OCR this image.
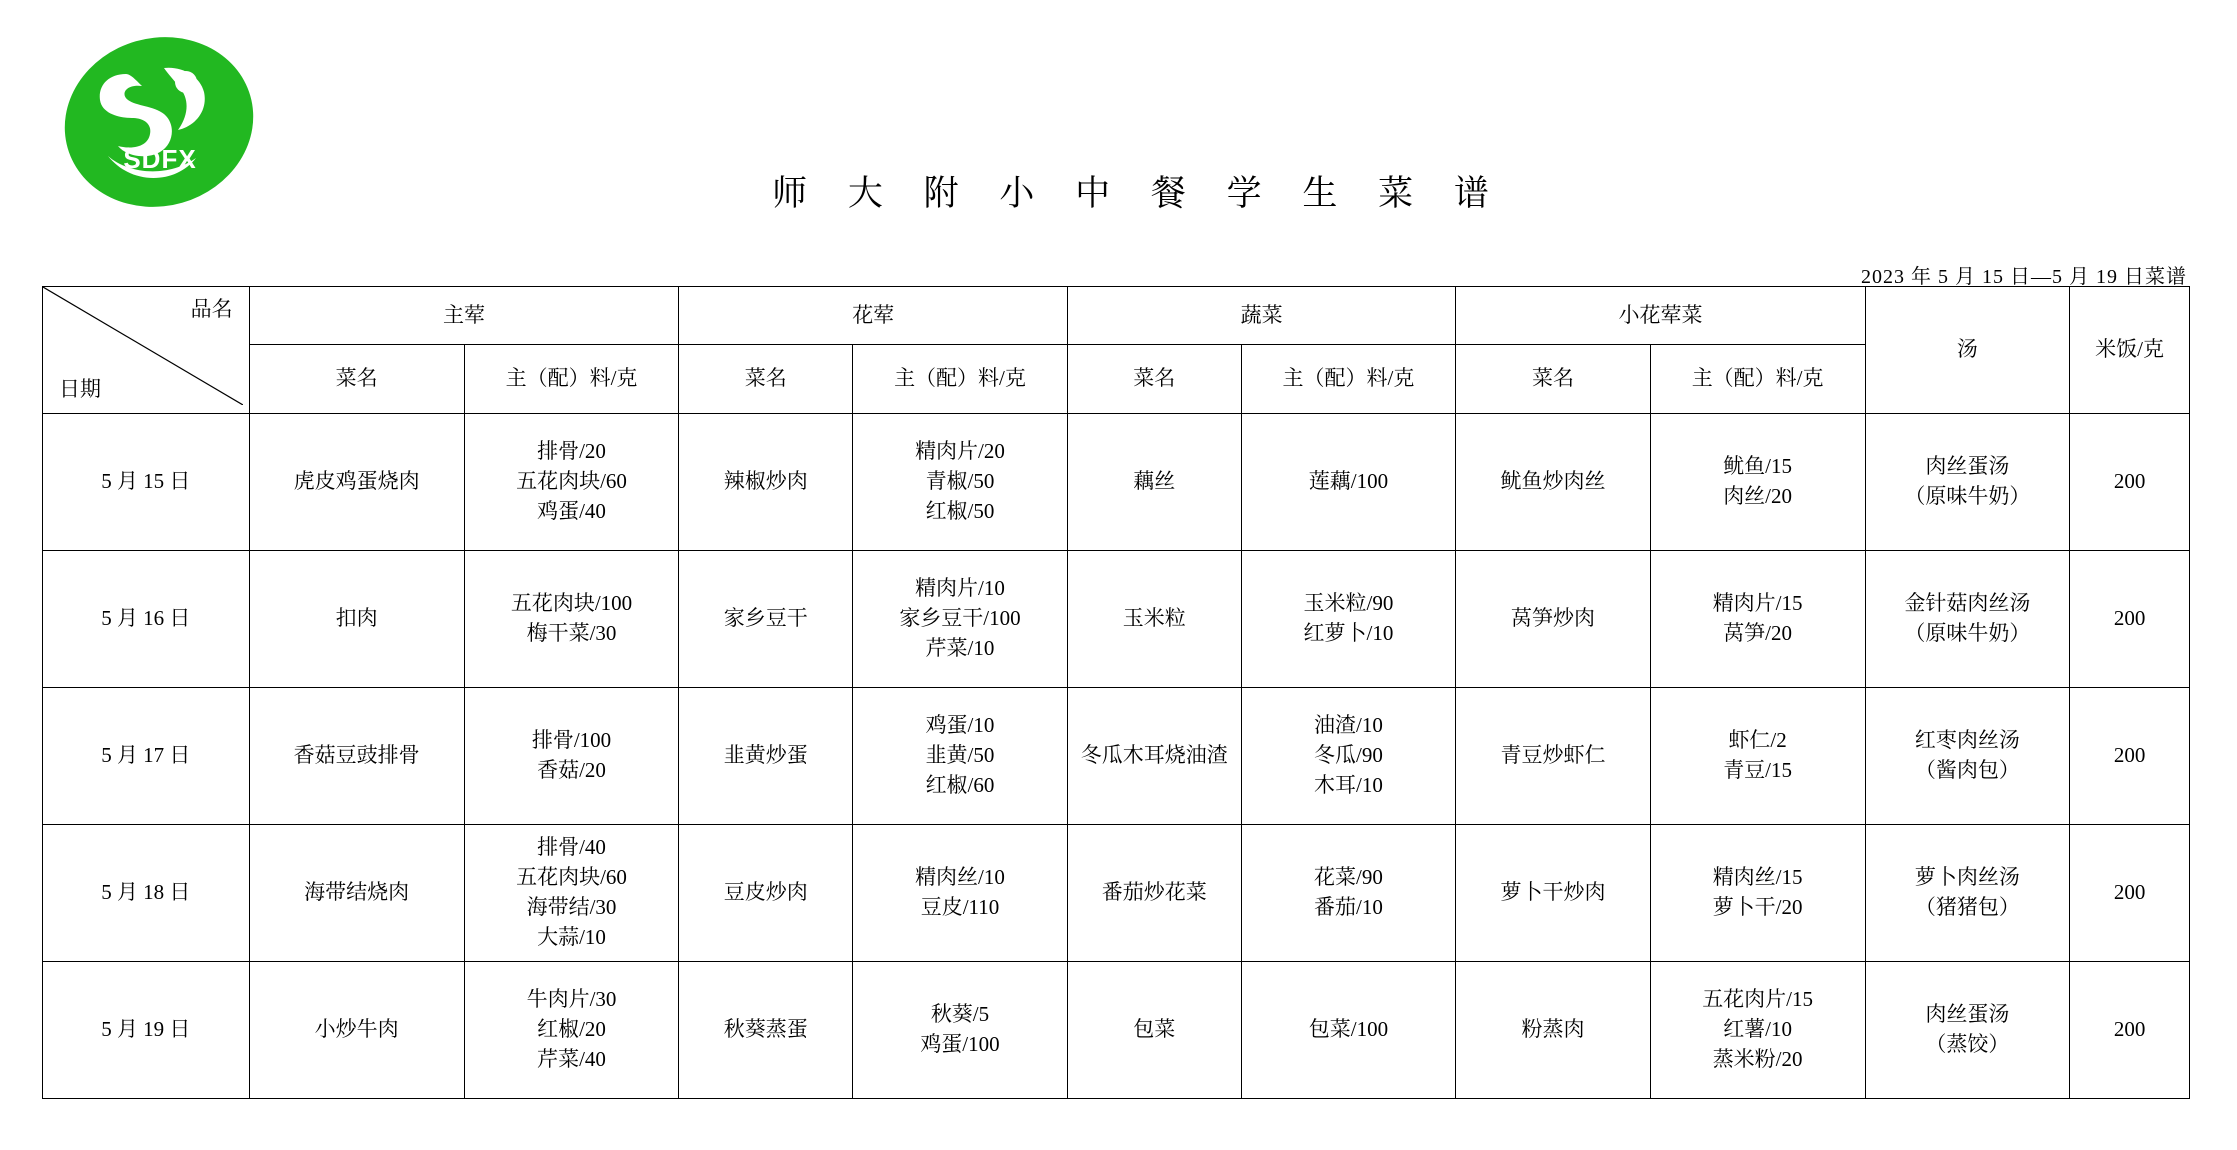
SDFX
师 大 附 小 中 餐 学 生 菜 谱
2023 年 5 月 15 日—5 月 19 日菜谱
品名
日期	主荤		花荤		蔬菜		小花荤菜		汤	米饭/克
	菜名	主（配）料/克	菜名	主（配）料/克	菜名	主（配）料/克	菜名	主（配）料/克		
5 月 15 日	虎皮鸡蛋烧肉	排骨/20
五花肉块/60
鸡蛋/40	辣椒炒肉	精肉片/20
青椒/50
红椒/50	藕丝	莲藕/100	鱿鱼炒肉丝	鱿鱼/15
肉丝/20	肉丝蛋汤
（原味牛奶）	200
5 月 16 日	扣肉	五花肉块/100
梅干菜/30	家乡豆干	精肉片/10
家乡豆干/100
芹菜/10	玉米粒	玉米粒/90
红萝卜/10	莴笋炒肉	精肉片/15
莴笋/20	金针菇肉丝汤
（原味牛奶）	200
5 月 17 日	香菇豆豉排骨	排骨/100
香菇/20	韭黄炒蛋	鸡蛋/10
韭黄/50
红椒/60	冬瓜木耳烧油渣	油渣/10
冬瓜/90
木耳/10	青豆炒虾仁	虾仁/2
青豆/15	红枣肉丝汤
（酱肉包）	200
5 月 18 日	海带结烧肉	排骨/40
五花肉块/60
海带结/30
大蒜/10	豆皮炒肉	精肉丝/10
豆皮/110	番茄炒花菜	花菜/90
番茄/10	萝卜干炒肉	精肉丝/15
萝卜干/20	萝卜肉丝汤
（猪猪包）	200
5 月 19 日	小炒牛肉	牛肉片/30
红椒/20
芹菜/40	秋葵蒸蛋	秋葵/5
鸡蛋/100	包菜	包菜/100	粉蒸肉	五花肉片/15
红薯/10
蒸米粉/20	肉丝蛋汤
（蒸饺）	200
